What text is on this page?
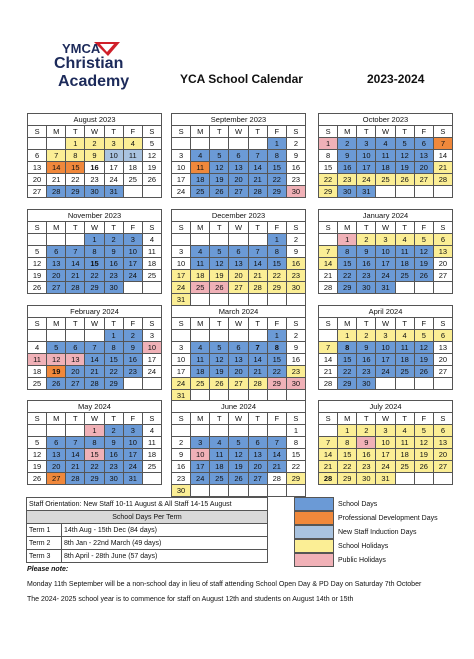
YMCA
Christian
Academy	YCA School Calendar	2023-2024
August 2023						
S	M	T	W	T	F	S
		1	2	3	4	5
6	7	8	9	10	11	12
13	14	15	16	17	18	19
20	21	22	23	24	25	26
27	28	29	30	31		
September 2023						
S	M	T	W	T	F	S
					1	2
3	4	5	6	7	8	9
10	11	12	13	14	15	16
17	18	19	20	21	22	23
24	25	26	27	28	29	30
October 2023						
S	M	T	W	T	F	S
1	2	3	4	5	6	7
8	9	10	11	12	13	14
15	16	17	18	19	20	21
22	23	24	25	26	27	28
29	30	31				
November 2023						
S	M	T	W	T	F	S
			1	2	3	4
5	6	7	8	9	10	11
12	13	14	15	16	17	18
19	20	21	22	23	24	25
26	27	28	29	30		
December 2023						
S	M	T	W	T	F	S
					1	2
3	4	5	6	7	8	9
10	11	12	13	14	15	16
17	18	19	20	21	22	23
24	25	26	27	28	29	30
31						
January 2024						
S	M	T	W	T	F	S
	1	2	3	4	5	6
7	8	9	10	11	12	13
14	15	16	17	18	19	20
21	22	23	24	25	26	27
28	29	30	31			
February 2024						
S	M	T	W	T	F	S
				1	2	3
4	5	6	7	8	9	10
11	12	13	14	15	16	17
18	19	20	21	22	23	24
25	26	27	28	29		
March 2024						
S	M	T	W	T	F	S
					1	2
3	4	5	6	7	8	9
10	11	12	13	14	15	16
17	18	19	20	21	22	23
24	25	26	27	28	29	30
31						
April 2024						
S	M	T	W	T	F	S
	1	2	3	4	5	6
7	8	9	10	11	12	13
14	15	16	17	18	19	20
21	22	23	24	25	26	27
28	29	30				
May 2024						
S	M	T	W	T	F	S
			1	2	3	4
5	6	7	8	9	10	11
12	13	14	15	16	17	18
19	20	21	22	23	24	25
26	27	28	29	30	31	
June 2024						
S	M	T	W	T	F	S
						1
2	3	4	5	6	7	8
9	10	11	12	13	14	15
16	17	18	19	20	21	22
23	24	25	26	27	28	29
30						
July 2024						
S	M	T	W	T	F	S
	1	2	3	4	5	6
7	8	9	10	11	12	13
14	15	16	17	18	19	20
21	22	23	24	25	26	27
28	29	30	31			
Staff Orientation: New Staff 10-11 August & All Staff 14-15 August	
School Days Per Term	
Term 1	14th Aug - 15th Dec (84 days)
Term 2	8th Jan - 22nd March (49 days)
Term 3	8th April - 28th June (57 days)
School Days
Professional Development Days
New Staff Induction Days
School Holidays
Public Holidays
Please note:
Monday 11th September will be a non-school day in lieu of staff attending School Open Day & PD Day on Saturday 7th October
The 2024- 2025 school year is to commence for staff on August 12th and students on August 14th or 15th
